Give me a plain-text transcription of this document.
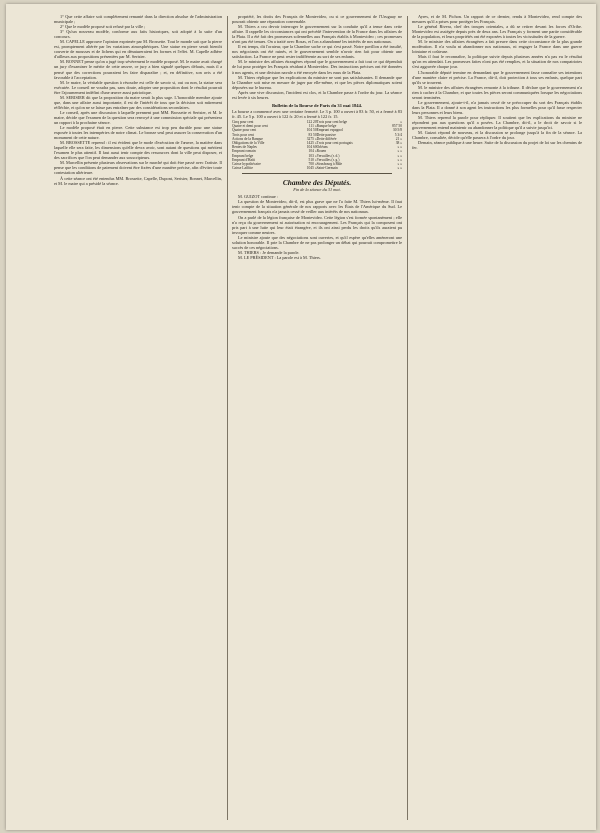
1° Que cette affaire soit complètement remanié dans la direction absolue de l'administration municipale ;
2° Que le modèle proposé soit refusé par la ville ;
3° Qu'un nouveau modèle, conforme aux faits historiques, soit adopté à la suite d'un concours.
M. CAPELLE approuve l'opinion exprimée par M. Brossette. Tout le monde sait que la pierre est, promptement altérée par les variations atmosphériques. Une statue en pierre serait bientôt couverte de mousses et de lichens qui en dénatureraient les formes et l'effet. M. Capelle adhère d'ailleurs aux propositions présentées par M. Serisier.
M. BONNET pense qu'on a jugé trop sévèrement le modèle proposé. M. le maire avait chargé un jury d'examiner le mérite de cette œuvre, ce jury a bien signalé quelques défauts, mais il a pensé que des corrections pourraient les faire disparaître ; et, en définitive, son avis a été favorable à l'acceptation.
M. le maire, la véritable question à résoudre est celle de savoir si, oui ou non, la statue sera exécutée. Le conseil ne voudra pas, sans doute, adopter une proposition dont le résultat pourrait être l'ajournement indéfini d'une œuvre aussi patriotique.
M. SERISIER dit que la proposition du maire serait la plus sage. L'honorable membre ajoute que, dans une affaire aussi importante, il est de l'intérêt de tous que la décision soit mûrement réfléchie, et qu'on ne se laisse pas entraîner par des considérations secondaires.
Le conseil, après une discussion à laquelle prennent part MM. Brossette et Serisier, et M. le maire, décide que l'examen de la question sera renvoyé à une commission spéciale qui présentera un rapport à la prochaine séance.
Le modèle proposé était en pierre. Cette substance est trop peu durable pour une statue exposée à toutes les intempéries de notre climat. Le bronze seul peut assurer la conservation d'un monument de cette nature.
M. BROSSETTE reprend : il est évident que le mode d'exécution de l'œuvre, la matière dans laquelle elle sera faite, les dimensions qu'elle devra avoir, sont autant de questions qui méritent l'examen le plus attentif. Il faut aussi tenir compte des ressources dont la ville peut disposer, et des sacrifices que l'on peut demander aux souscripteurs.
M. Marcellin présente plusieurs observations sur le marché qui doit être passé avec l'artiste. Il pense que les conditions de paiement doivent être fixées d'une manière précise, afin d'éviter toute contestation ultérieure.
À cette séance ont été entendus MM. Brossette, Capelle, Dupont, Serisier, Bonnet, Marcellin, et M. le maire qui a présidé la séance.
propriété, les droits des Français de Montevideo, ou si ce gouvernement de l'Uruguay ne pourrait obtenir une réparation convenable.
M. Thiers a cru devoir interroger le gouvernement sur la conduite qu'il a tenue dans cette affaire. Il rappelle les circonstances qui ont précédé l'intervention de la France dans les affaires de la Plata. Il a été fait des promesses solennelles aux Français établis à Montevideo ; ces promesses n'ont pas été tenues. On a traité avec Rosas, et l'on a abandonné les intérêts de nos nationaux.
Il est temps, dit l'orateur, que la Chambre sache ce qui s'est passé. Notre pavillon a été insulté, nos négociants ont été ruinés, et le gouvernement semble n'avoir rien fait pour obtenir une satisfaction. La France ne peut rester indifférente au sort de ses enfants.
M. le ministre des affaires étrangères répond que le gouvernement a fait tout ce qui dépendait de lui pour protéger les Français résidant à Montevideo. Des instructions précises ont été données à nos agents, et une division navale a été envoyée dans les eaux de la Plata.
M. Thiers réplique que les explications du ministre ne sont pas satisfaisantes. Il demande que la Chambre soit mise en mesure de juger par elle-même, et que les pièces diplomatiques soient déposées sur le bureau.
Après une vive discussion, l'incident est clos, et la Chambre passe à l'ordre du jour. La séance est levée à six heures.
Bulletin de la Bourse de Paris du 31 mai 1844.
La bourse a commencé avec une certaine fermeté. Le 3 p. 100 a ouvert à 83 fr. 50, et a fermé à 83 fr. 45. Le 5 p. 100 a ouvert à 122 fr. 20 et a fermé à 122 fr. 15.
Cinq pour cent	122 20	Trois pour cent belge	»
Quatre et demi pour cent	111 »	Banque belge	857 50
Quatre pour cent	104 50	Emprunt espagnol	30 5/8
Trois pour cent	83 50	Dette passive	5 3/4
Actions de la Banque	3275 »	Dette différée	21 »
Obligations de la Ville	1425 »	Trois pour cent portugais	38 »
Rentes de Naples	104 60	Orléans	» »
Emprunt romain	104 »	Rouen	» »
Emprunt belge	103 »	Versailles (r. d.)	» »
Emprunt d'Haïti	510 »	Versailles (r. g.)	» »
Caisse hypothécaire	700 »	Strasbourg à Bâle	» »
Caisse Laffitte	1045 »	Saint-Germain	» »
Chambre des Députés.
Fin de la séance du 31 mai.
M. GUIZOT continue :
La question de Montevideo, dit-il, est plus grave que ne l'a faite M. Thiers lui-même. Il faut tenir compte de la situation générale de nos rapports avec les États de l'Amérique du Sud. Le gouvernement français n'a jamais cessé de veiller aux intérêts de nos nationaux.
On a parlé de la légion française de Montevideo. Cette légion s'est formée spontanément ; elle n'a reçu du gouvernement ni autorisation ni encouragement. Les Français qui la composent ont pris part à une lutte qui leur était étrangère, et ils ont ainsi perdu les droits qu'ils auraient pu invoquer comme neutres.
Le ministre ajoute que des négociations sont ouvertes, et qu'il espère qu'elles amèneront une solution honorable. Il prie la Chambre de ne pas prolonger un débat qui pourrait compromettre le succès de ces négociations.
M. THIERS : Je demande la parole.
M. LE PRÉSIDENT : La parole est à M. Thiers.
Ayres, et de M. Pichon. Un rapport de ce dernier, rendu à Montevideo, rend compte des mesures qu'il a prises pour protéger les Français.
Le général Rivera, chef des troupes orientales, a dû se retirer devant les forces d'Oribe. Montevideo est assiégée depuis près de deux ans. Les Français y forment une partie considérable de la population, et leurs propriétés ont été exposées à toutes les vicissitudes de la guerre.
M. le ministre des affaires étrangères a fait preuve dans cette circonstance de la plus grande modération. Il n'a voulu ni abandonner nos nationaux, ni engager la France dans une guerre lointaine et coûteuse.
Mais il faut le reconnaître, la politique suivie depuis plusieurs années n'a pas eu le résultat qu'on en attendait. Les promesses faites n'ont pas été remplies, et la situation de nos compatriotes s'est aggravée chaque jour.
L'honorable député termine en demandant que le gouvernement fasse connaître ses intentions d'une manière claire et précise. La France, dit-il, doit protection à tous ses enfants, quelque part qu'ils se trouvent.
M. le ministre des affaires étrangères remonte à la tribune. Il déclare que le gouvernement n'a rien à cacher à la Chambre, et que toutes les pièces seront communiquées lorsque les négociations seront terminées.
Le gouvernement, ajoute-t-il, n'a jamais cessé de se préoccuper du sort des Français établis dans la Plata. Il a donné à son agent les instructions les plus formelles pour qu'il fasse respecter leurs personnes et leurs biens.
M. Thiers reprend la parole pour répliquer. Il soutient que les explications du ministre ne répondent pas aux questions qu'il a posées. La Chambre, dit-il, a le droit de savoir si le gouvernement entend maintenir ou abandonner la politique qu'il a suivie jusqu'ici.
M. Guizot répond de nouveau, et la discussion se prolonge jusqu'à la fin de la séance. La Chambre, consultée, décide qu'elle passera à l'ordre du jour.
Demain, séance publique à une heure. Suite de la discussion du projet de loi sur les chemins de fer.
